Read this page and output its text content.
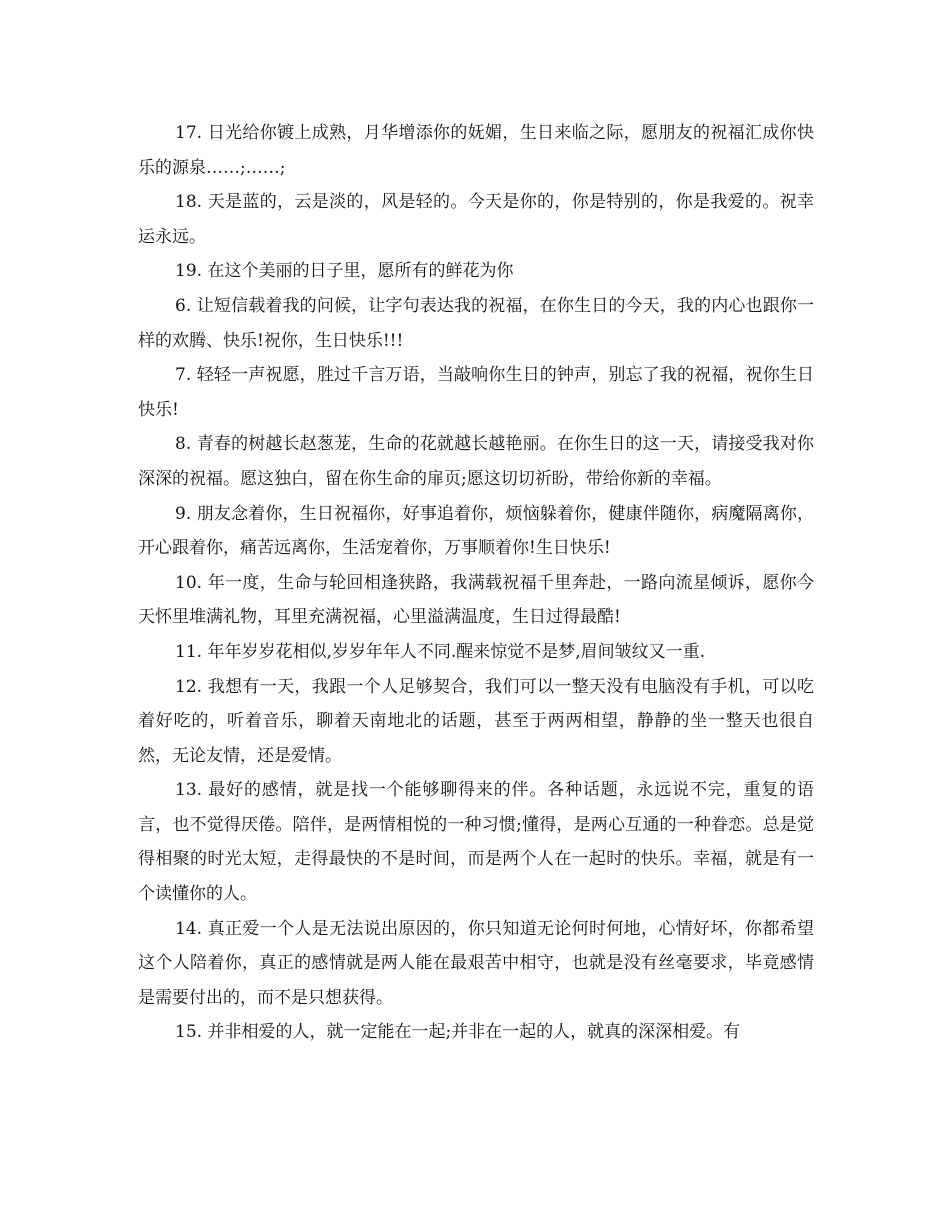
17. 日光给你镀上成熟，月华增添你的妩媚，生日来临之际，愿朋友的祝福汇成你快乐的源泉……;……;

18. 天是蓝的，云是淡的，风是轻的。今天是你的，你是特别的，你是我爱的。祝幸运永远。

19. 在这个美丽的日子里，愿所有的鲜花为你

6. 让短信载着我的问候，让字句表达我的祝福，在你生日的今天，我的内心也跟你一样的欢腾、快乐!祝你，生日快乐!!!

7. 轻轻一声祝愿，胜过千言万语，当敲响你生日的钟声，别忘了我的祝福，祝你生日快乐!

8. 青春的树越长赵葱茏，生命的花就越长越艳丽。在你生日的这一天，请接受我对你深深的祝福。愿这独白，留在你生命的扉页;愿这切切祈盼，带给你新的幸福。

9. 朋友念着你，生日祝福你，好事追着你，烦恼躲着你，健康伴随你，病魔隔离你，开心跟着你，痛苦远离你，生活宠着你，万事顺着你!生日快乐!

10. 年一度，生命与轮回相逢狭路，我满载祝福千里奔赴，一路向流星倾诉，愿你今天怀里堆满礼物，耳里充满祝福，心里溢满温度，生日过得最酷!

11. 年年岁岁花相似,岁岁年年人不同.醒来惊觉不是梦,眉间皱纹又一重.

12. 我想有一天，我跟一个人足够契合，我们可以一整天没有电脑没有手机，可以吃着好吃的，听着音乐，聊着天南地北的话题，甚至于两两相望，静静的坐一整天也很自然，无论友情，还是爱情。

13. 最好的感情，就是找一个能够聊得来的伴。各种话题，永远说不完，重复的语言，也不觉得厌倦。陪伴，是两情相悦的一种习惯;懂得，是两心互通的一种眷恋。总是觉得相聚的时光太短，走得最快的不是时间，而是两个人在一起时的快乐。幸福，就是有一个读懂你的人。

14. 真正爱一个人是无法说出原因的，你只知道无论何时何地，心情好坏，你都希望这个人陪着你，真正的感情就是两人能在最艰苦中相守，也就是没有丝毫要求，毕竟感情是需要付出的，而不是只想获得。

15. 并非相爱的人，就一定能在一起;并非在一起的人，就真的深深相爱。有
